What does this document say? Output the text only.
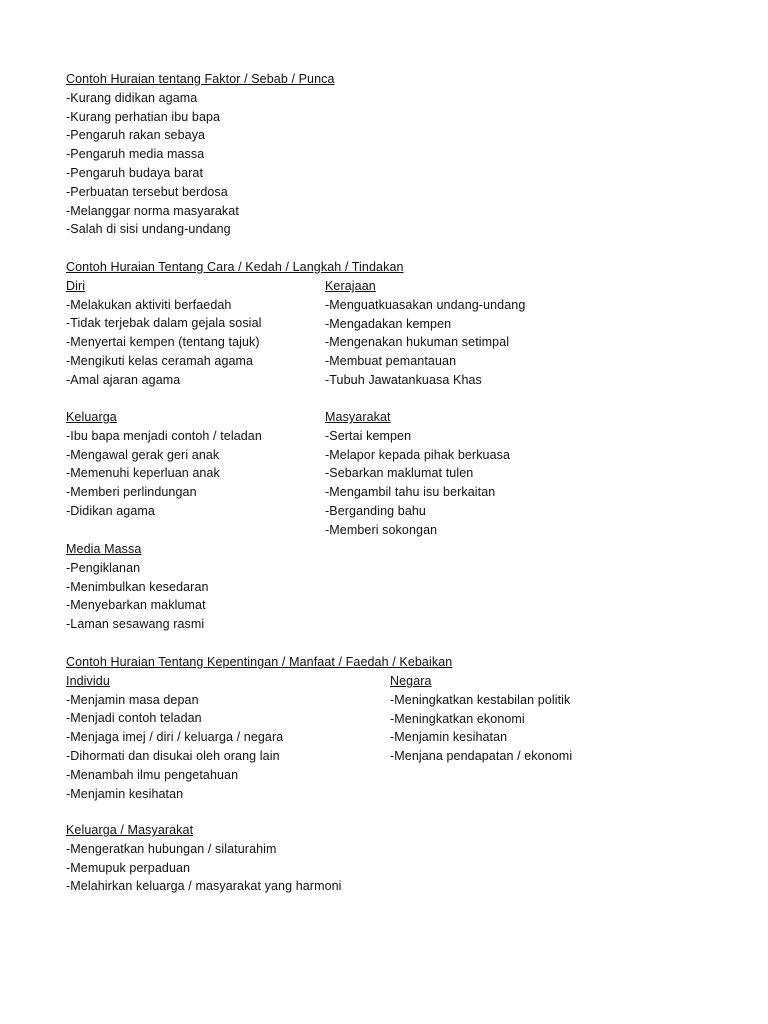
Contoh Huraian tentang Faktor / Sebab / Punca
-Kurang didikan agama
-Kurang perhatian ibu bapa
-Pengaruh rakan sebaya
-Pengaruh media massa
-Pengaruh budaya barat
-Perbuatan tersebut berdosa
-Melanggar norma masyarakat
-Salah di sisi undang-undang
Contoh Huraian Tentang Cara / Kedah / Langkah / Tindakan
Diri
-Melakukan aktiviti berfaedah
-Tidak terjebak dalam gejala sosial
-Menyertai kempen (tentang tajuk)
-Mengikuti kelas ceramah agama
-Amal ajaran agama
Kerajaan
-Menguatkuasakan undang-undang
-Mengadakan kempen
-Mengenakan hukuman setimpal
-Membuat pemantauan
-Tubuh Jawatankuasa Khas
Keluarga
-Ibu bapa menjadi contoh / teladan
-Mengawal gerak geri anak
-Memenuhi keperluan anak
-Memberi perlindungan
-Didikan agama
Masyarakat
-Sertai kempen
-Melapor kepada pihak berkuasa
-Sebarkan maklumat tulen
-Mengambil tahu isu berkaitan
-Berganding bahu
-Memberi sokongan
Media Massa
-Pengiklanan
-Menimbulkan kesedaran
-Menyebarkan maklumat
-Laman sesawang rasmi
Contoh Huraian Tentang Kepentingan / Manfaat / Faedah / Kebaikan
Individu
-Menjamin masa depan
-Menjadi contoh teladan
-Menjaga imej / diri / keluarga / negara
-Dihormati dan disukai oleh orang lain
-Menambah ilmu pengetahuan
-Menjamin kesihatan
Negara
-Meningkatkan kestabilan politik
-Meningkatkan ekonomi
-Menjamin kesihatan
-Menjana pendapatan / ekonomi
Keluarga / Masyarakat
-Mengeratkan hubungan / silaturahim
-Memupuk perpaduan
-Melahirkan keluarga / masyarakat yang harmoni
